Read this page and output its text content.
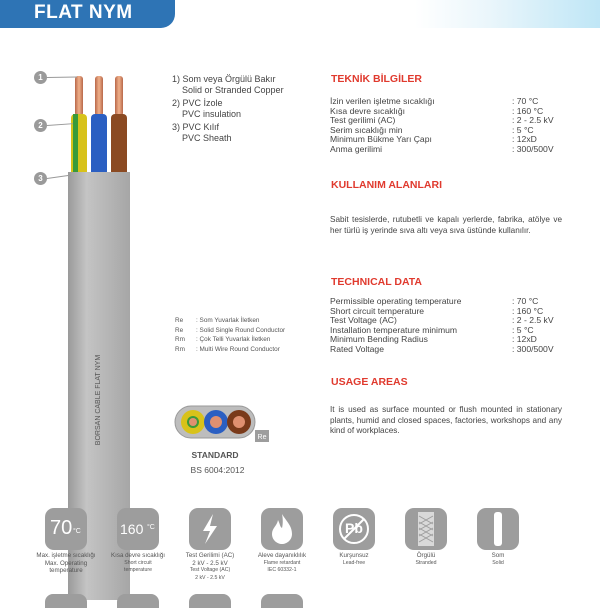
FLAT NYM
BORSAN CABLE FLAT NYM
1
2
3
1) Som veya Örgülü Bakır
Solid or Stranded Copper
2) PVC İzole
PVC insulation
3) PVC Kılıf
PVC Sheath
Re	: Som Yuvarlak İletken
Re	: Solid Single Round Conductor
Rm	: Çok Telli Yuvarlak İletken
Rm	: Multi Wire Round Conductor
Re
STANDARD
BS 6004:2012
TEKNİK BİLGİLER
İzin verilen işletme sıcaklığı	: 70 °C
Kısa devre sıcaklığı	: 160 °C
Test gerilimi (AC)	: 2 - 2.5 kV
Serim sıcaklığı min	: 5 °C
Minimum Bükme Yarı Çapı	: 12xD
Anma gerilimi	: 300/500V
KULLANIM ALANLARI
Sabit tesislerde, rutubetli ve kapalı yerlerde, fabrika, atölye ve her türlü iş yerinde sıva altı veya sıva üstünde kullanılır.
TECHNICAL DATA
Permissible operating temperature	: 70 °C
Short circuit temperature	: 160 °C
Test Voltage (AC)	: 2 - 2.5 kV
Installation temperature minimum	: 5 °C
Minimum Bending Radius	: 12xD
Rated Voltage	: 300/500V
USAGE AREAS
It is used as surface mounted or flush mounted in stationary plants, humid and closed spaces, factories, workshops and any kind of workplaces.
70 °C
Max. işletme sıcaklığı
Max. Operating
temperature
160 °C
Kısa devre sıcaklığı
Short circuit
temperature
Test Gerilimi (AC)
2 kV - 2.5 kV
Test Voltage (AC)
2 kV - 2.5 kV
Aleve dayanıklılık
Flame retardant
IEC 60332-1
Pb
Kurşunsuz
Lead-free
Örgülü
Stranded
Som
Solid
